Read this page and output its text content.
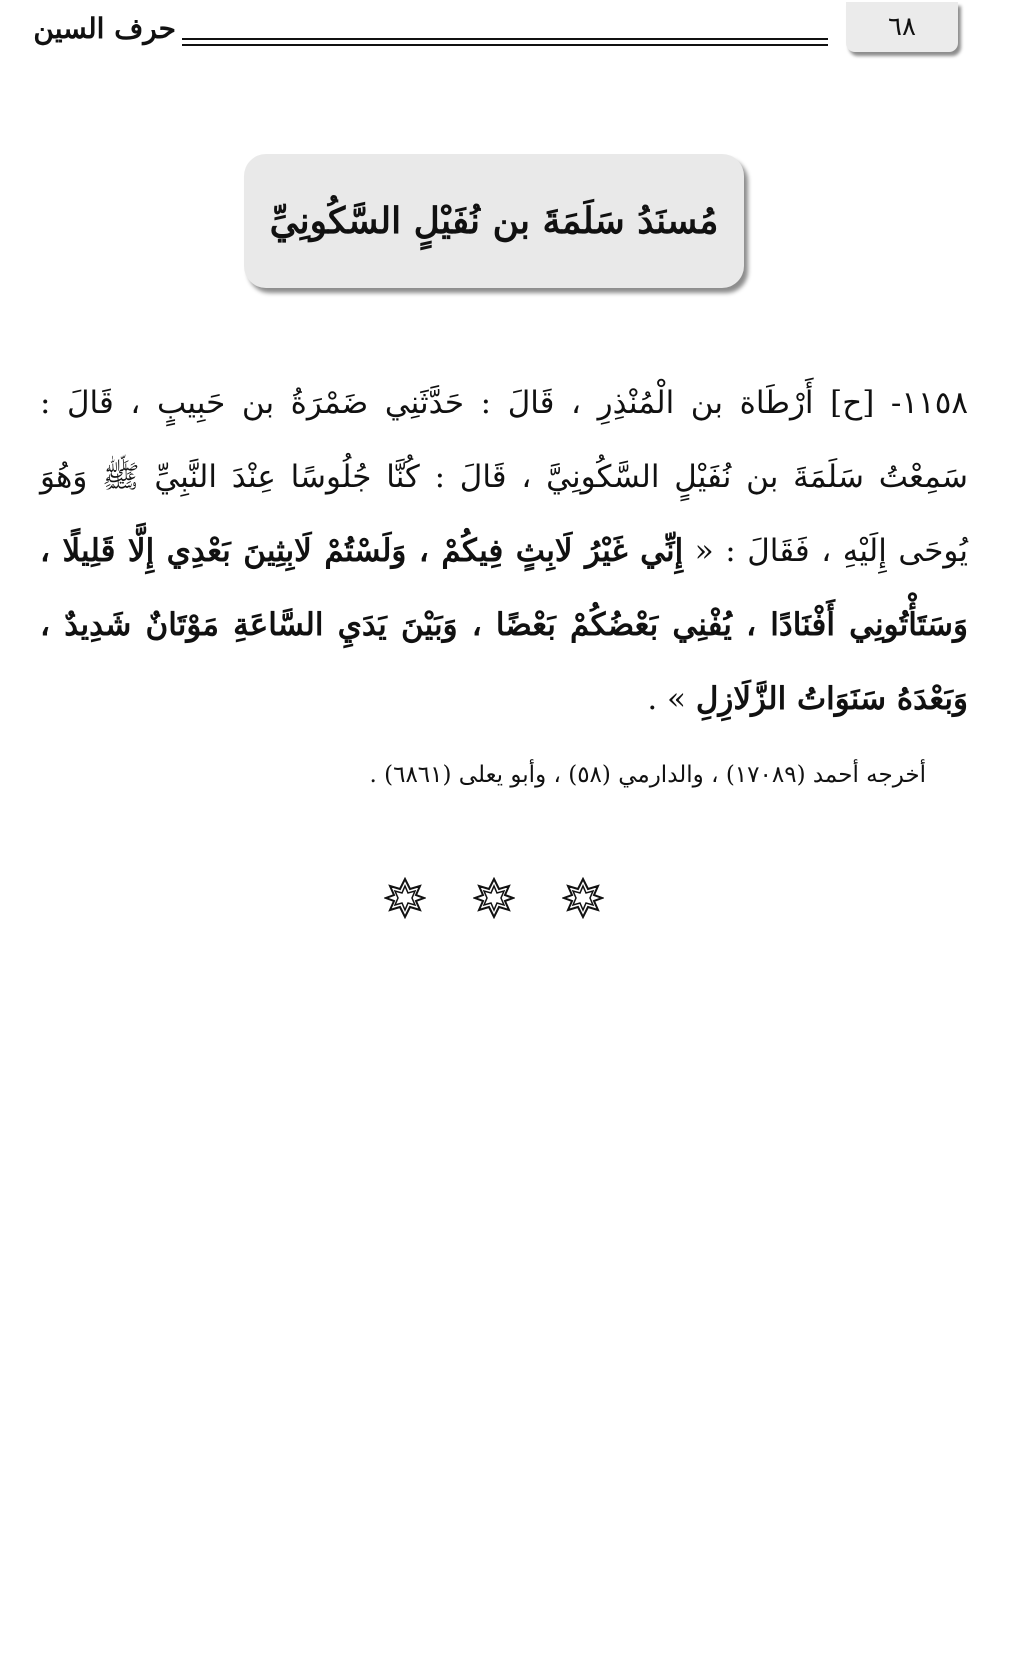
٦٨
حرف السين
مُسنَدُ سَلَمَةَ بن نُفَيْلٍ السَّكُونِيِّ

١١٥٨- [ح] أَرْطَاة بن الْمُنْذِرِ ، قَالَ : حَدَّثَنِي ضَمْرَةُ بن حَبِيبٍ ، قَالَ : سَمِعْتُ سَلَمَةَ بن نُفَيْلٍ السَّكُونِيَّ ، قَالَ : كُنَّا جُلُوسًا عِنْدَ النَّبِيِّ ﷺ وَهُوَ يُوحَى إِلَيْهِ ، فَقَالَ : « إِنِّي غَيْرُ لَابِثٍ فِيكُمْ ، وَلَسْتُمْ لَابِثِينَ بَعْدِي إِلَّا قَلِيلًا ، وَسَتَأْتُونِي أَفْنَادًا ، يُفْنِي بَعْضُكُمْ بَعْضًا ، وَبَيْنَ يَدَيِ السَّاعَةِ مَوْتَانٌ شَدِيدٌ ، وَبَعْدَهُ سَنَوَاتُ الزَّلَازِلِ » .

أخرجه أحمد (١٧٠٨٩) ، والدارمي (٥٨) ، وأبو يعلى (٦٨٦١) .
